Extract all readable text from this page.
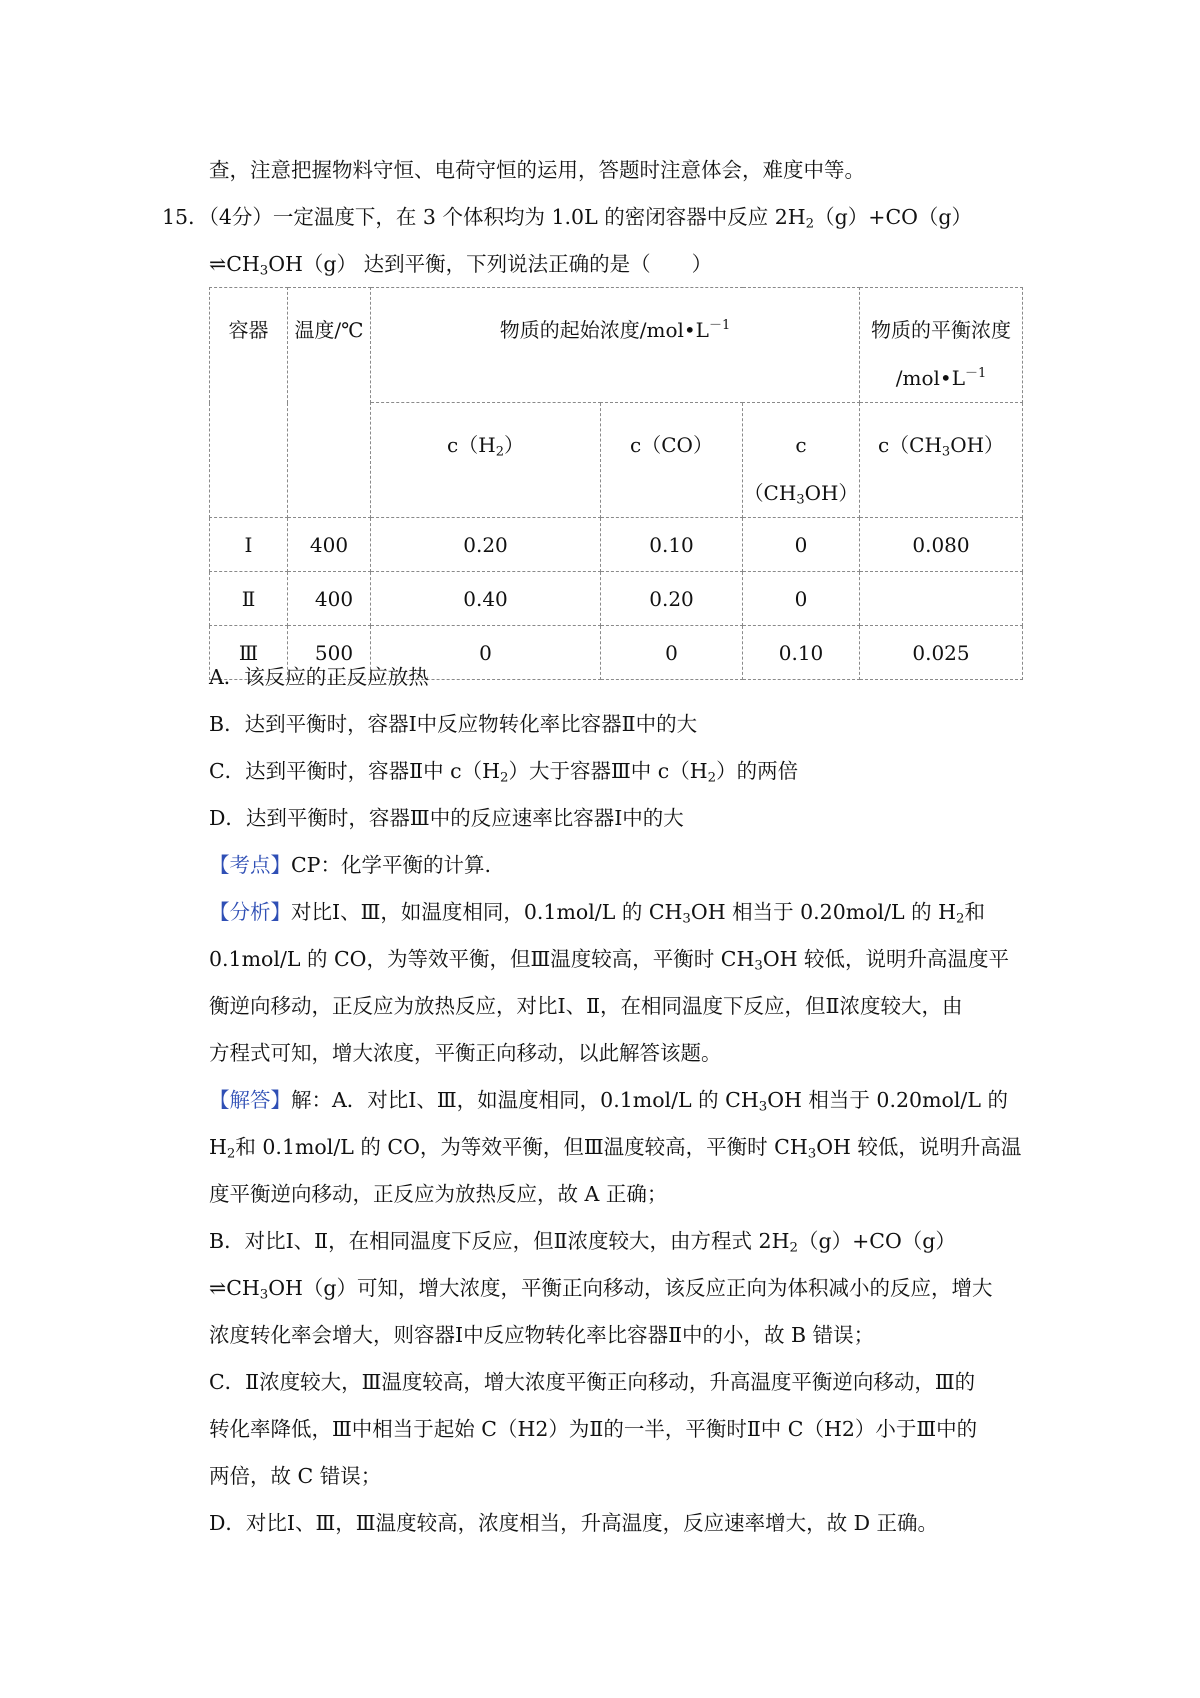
查，注意把握物料守恒、电荷守恒的运用，答题时注意体会，难度中等。

15．（4分）一定温度下，在 3 个体积均为 1.0L 的密闭容器中反应 $2H_2(g)+CO(g)$

$\rightleftharpoons CH_3OH(g)$ 达到平衡，下列说法正确的是（　　）

容器	温度/℃	物质的起始浓度$/mol•L^{-1}$			物质的平衡浓度
$/mol•L^{-1}$
		$c(H_2)$	c（CO）	c
$(CH_3OH)$	$c(CH_3OH)$
Ⅰ	400	0.20	0.10	0	0.080
Ⅱ	400	0.40	0.20	0	
Ⅲ	500	0	0	0.10	0.025

A．该反应的正反应放热

B．达到平衡时，容器Ⅰ中反应物转化率比容器Ⅱ中的大

C．达到平衡时，容器Ⅱ中 $c(H_2)$大于容器Ⅲ中 $c(H_2)$的两倍

D．达到平衡时，容器Ⅲ中的反应速率比容器Ⅰ中的大

【考点】CP：化学平衡的计算.

【分析】对比Ⅰ、Ⅲ，如温度相同，0.1mol/L 的 $CH_3OH$ 相当于 0.20mol/L 的 $H_2$和

0.1mol/L 的 CO，为等效平衡，但Ⅲ温度较高，平衡时 $CH_3OH$ 较低，说明升高温度平

衡逆向移动，正反应为放热反应，对比Ⅰ、Ⅱ，在相同温度下反应，但Ⅱ浓度较大，由

方程式可知，增大浓度，平衡正向移动，以此解答该题。

【解答】解：A．对比Ⅰ、Ⅲ，如温度相同，0.1mol/L 的 $CH_3OH$ 相当于 0.20mol/L 的

$H_2$和 0.1mol/L 的 CO，为等效平衡，但Ⅲ温度较高，平衡时 $CH_3OH$ 较低，说明升高温

度平衡逆向移动，正反应为放热反应，故 A 正确；

B．对比Ⅰ、Ⅱ，在相同温度下反应，但Ⅱ浓度较大，由方程式 $2H_2(g)+CO(g)$

$\rightleftharpoons CH_3OH(g)$可知，增大浓度，平衡正向移动，该反应正向为体积减小的反应，增大

浓度转化率会增大，则容器Ⅰ中反应物转化率比容器Ⅱ中的小，故 B 错误；

C．Ⅱ浓度较大，Ⅲ温度较高，增大浓度平衡正向移动，升高温度平衡逆向移动，Ⅲ的

转化率降低，Ⅲ中相当于起始 C（H2）为Ⅱ的一半，平衡时Ⅱ中 C（H2）小于Ⅲ中的

两倍，故 C 错误；

D．对比Ⅰ、Ⅲ，Ⅲ温度较高，浓度相当，升高温度，反应速率增大，故 D 正确。
